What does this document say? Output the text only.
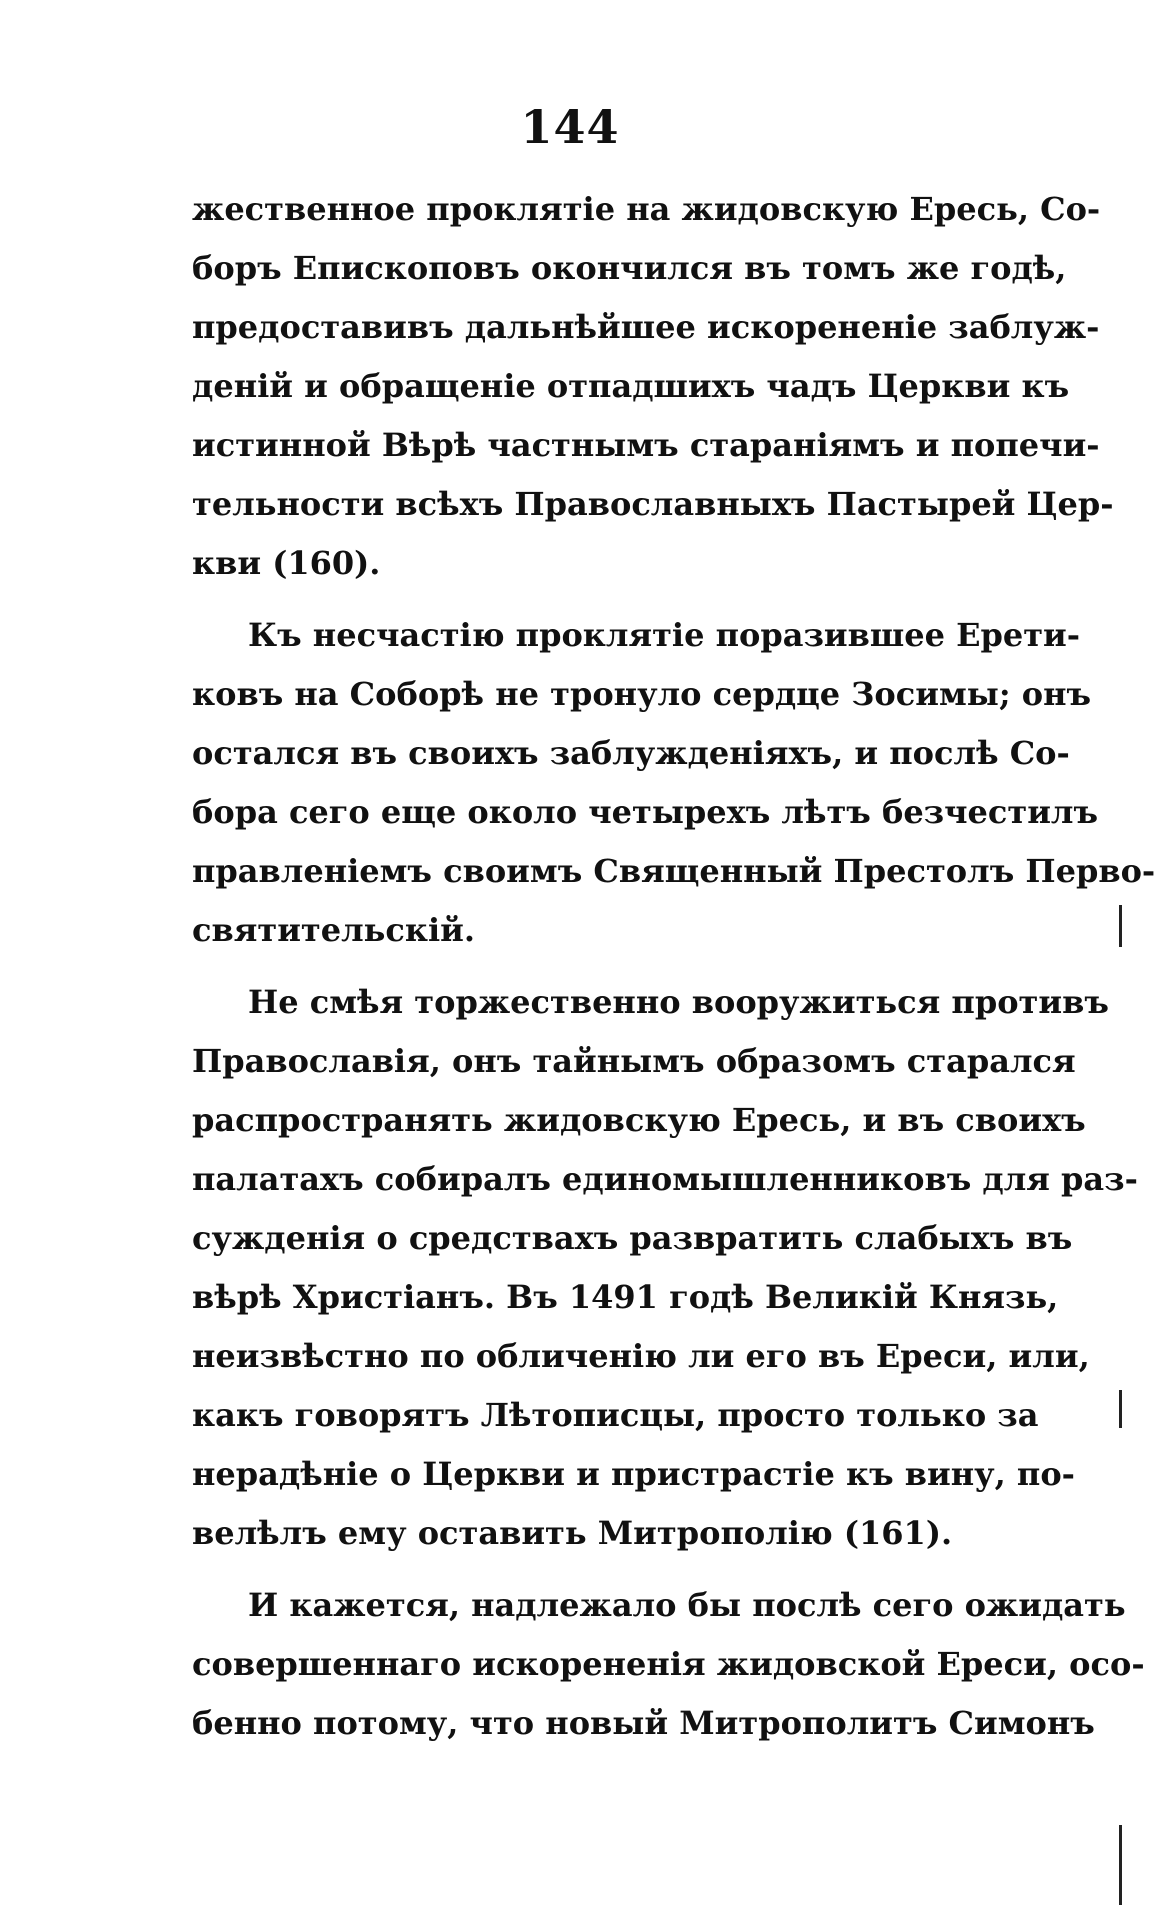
144
жественное проклятіе на жидовскую Ересь, Со-
боръ Епископовъ окончился въ томъ же годѣ,
предоставивъ дальнѣйшее искорененіе заблуж-
деній и обращеніе отпадшихъ чадъ Церкви къ
истинной Вѣрѣ частнымъ стараніямъ и попечи-
тельности всѣхъ Православныхъ Пастырей Цер-
кви (160).
Къ несчастію проклятіе поразившее Ерети-
ковъ на Соборѣ не тронуло сердце Зосимы; онъ
остался въ своихъ заблужденіяхъ, и послѣ Со-
бора сего еще около четырехъ лѣтъ безчестилъ
правленіемъ своимъ Священный Престолъ Перво-
святительскій.
Не смѣя торжественно вооружиться противъ
Православія, онъ тайнымъ образомъ старался
распространять жидовскую Ересь, и въ своихъ
палатахъ собиралъ единомышленниковъ для раз-
сужденія о средствахъ развратить слабыхъ въ
вѣрѣ Христіанъ. Въ 1491 годѣ Великій Князь,
неизвѣстно по обличенію ли его въ Ереси, или,
какъ говорятъ Лѣтописцы, просто только за
нерадѣніе о Церкви и пристрастіе къ вину, по-
велѣлъ ему оставить Митрополію (161).
И кажется, надлежало бы послѣ сего ожидать
совершеннаго искорененія жидовской Ереси, осо-
бенно потому, что новый Митрополитъ Симонъ
